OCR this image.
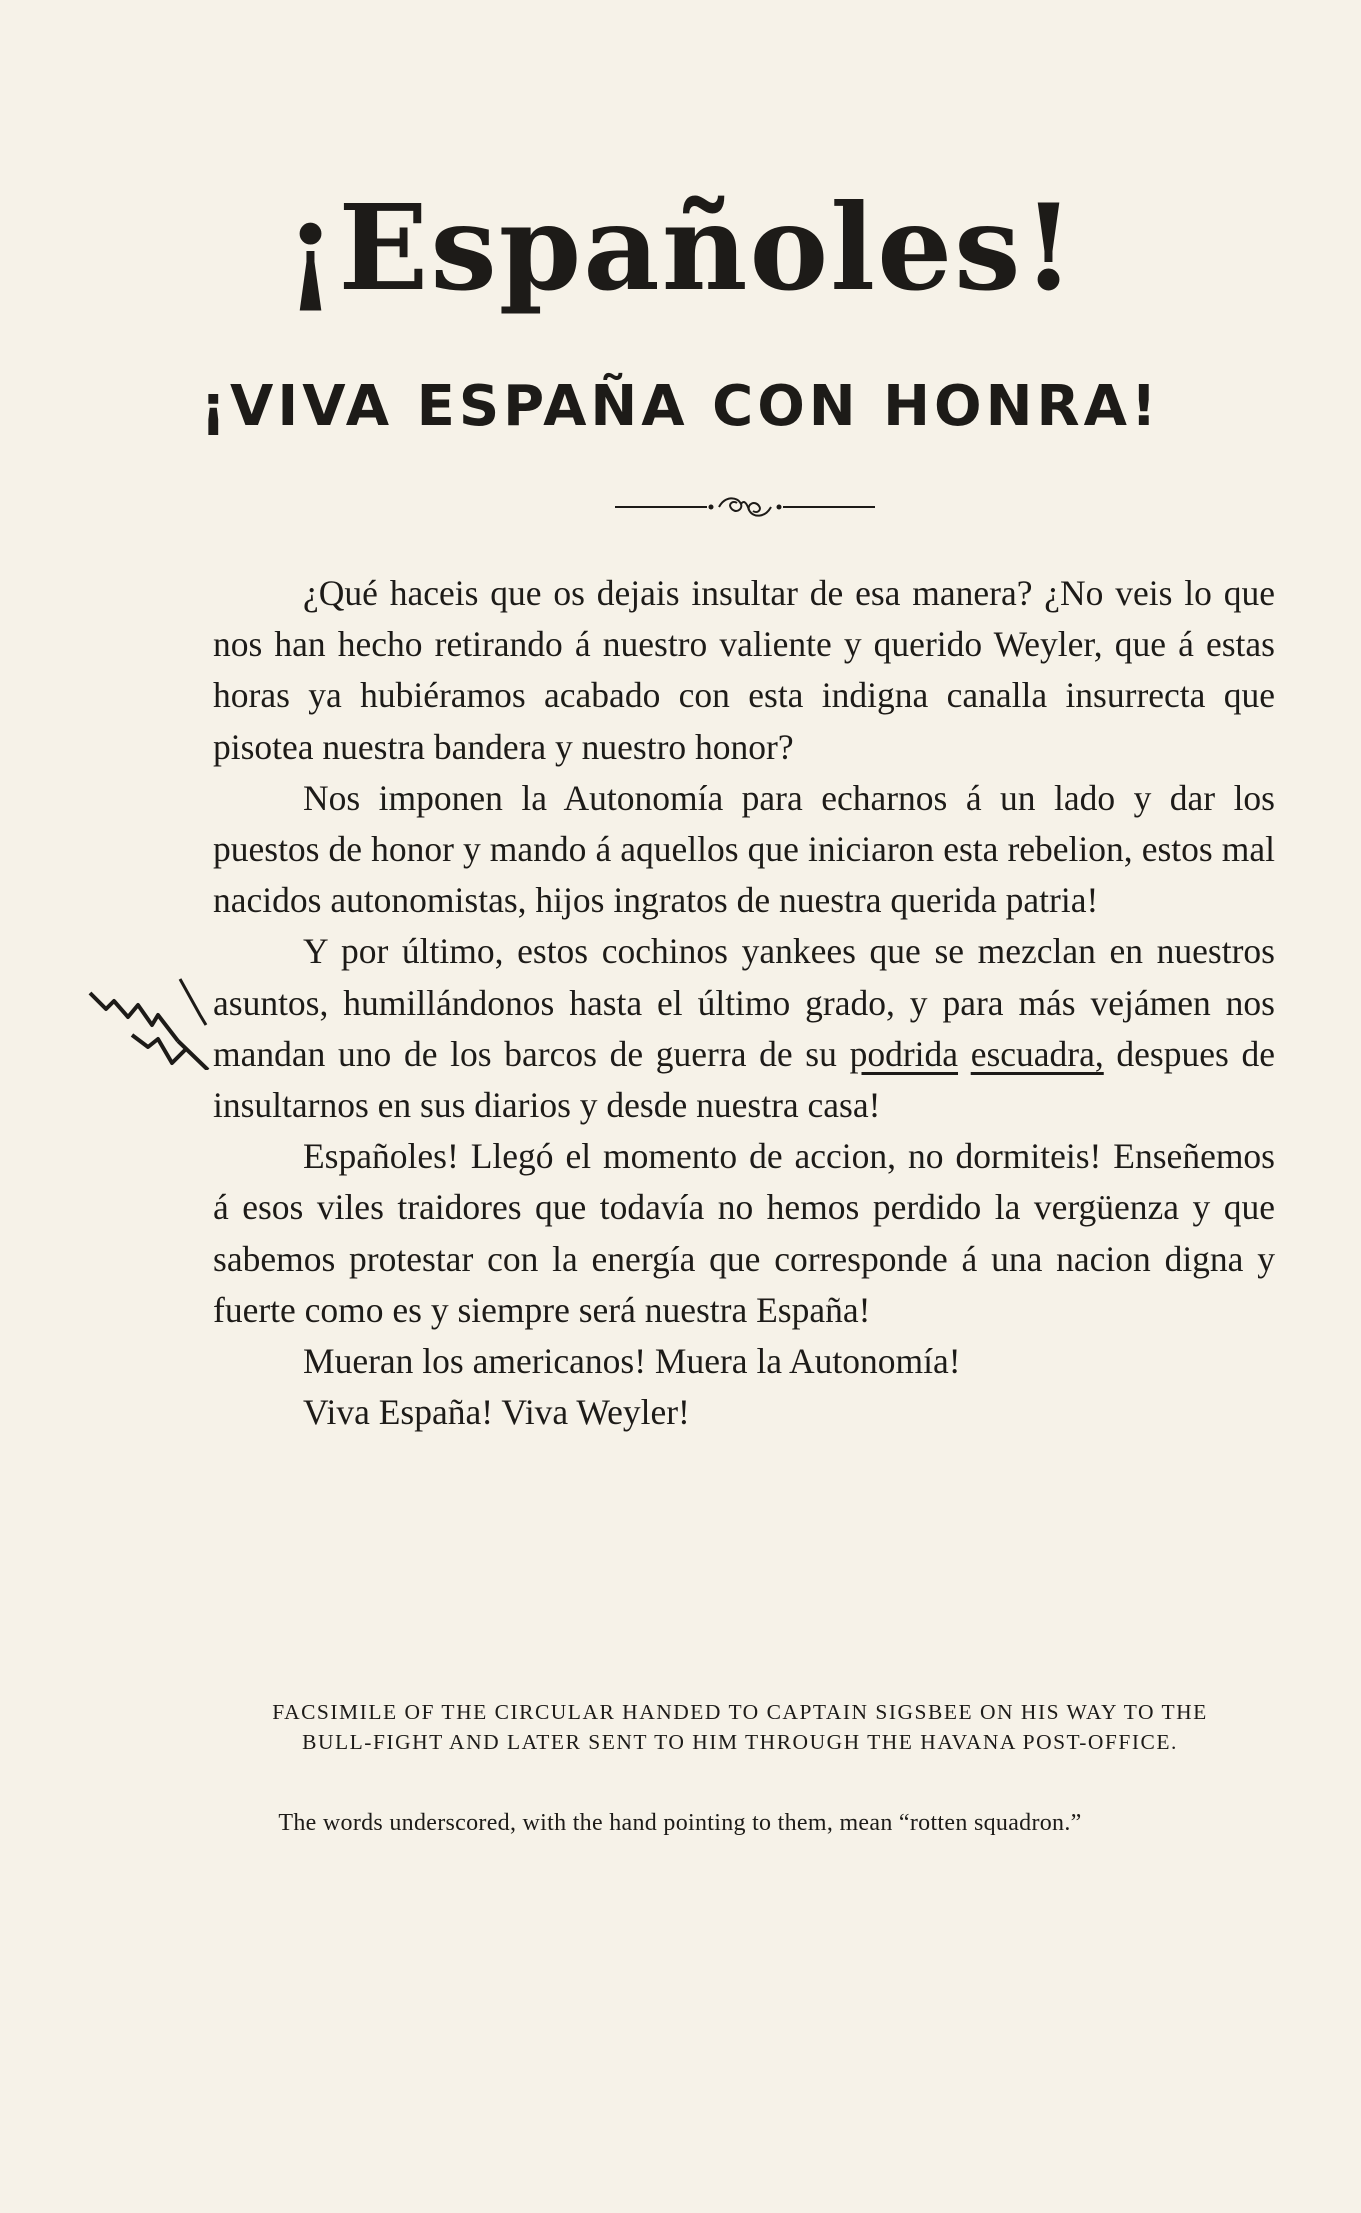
¡Españoles!
¡VIVA ESPAÑA CON HONRA!

¿Qué haceis que os dejais insultar de esa manera? ¿No veis lo que nos han hecho retirando á nuestro valiente y querido Weyler, que á estas horas ya hubiéramos acabado con esta indigna canalla insurrecta que pisotea nuestra bandera y nuestro honor?

Nos imponen la Autonomía para echarnos á un lado y dar los puestos de honor y mando á aquellos que iniciaron esta rebelion, estos mal nacidos autonomistas, hijos ingratos de nuestra querida patria!

Y por último, estos cochinos yankees que se mezclan en nuestros asuntos, humillándonos hasta el último grado, y para más vejámen nos mandan uno de los barcos de guerra de su podrida escuadra, despues de insultarnos en sus diarios y desde nuestra casa!

Españoles! Llegó el momento de accion, no dormiteis! Enseñemos á esos viles traidores que todavía no hemos perdido la vergüenza y que sabemos protestar con la energía que corresponde á una nacion digna y fuerte como es y siempre será nuestra España!

Mueran los americanos! Muera la Autonomía!

Viva España! Viva Weyler!

FACSIMILE OF THE CIRCULAR HANDED TO CAPTAIN SIGSBEE ON HIS WAY TO THE BULL-FIGHT AND LATER SENT TO HIM THROUGH THE HAVANA POST-OFFICE.
The words underscored, with the hand pointing to them, mean “rotten squadron.”
